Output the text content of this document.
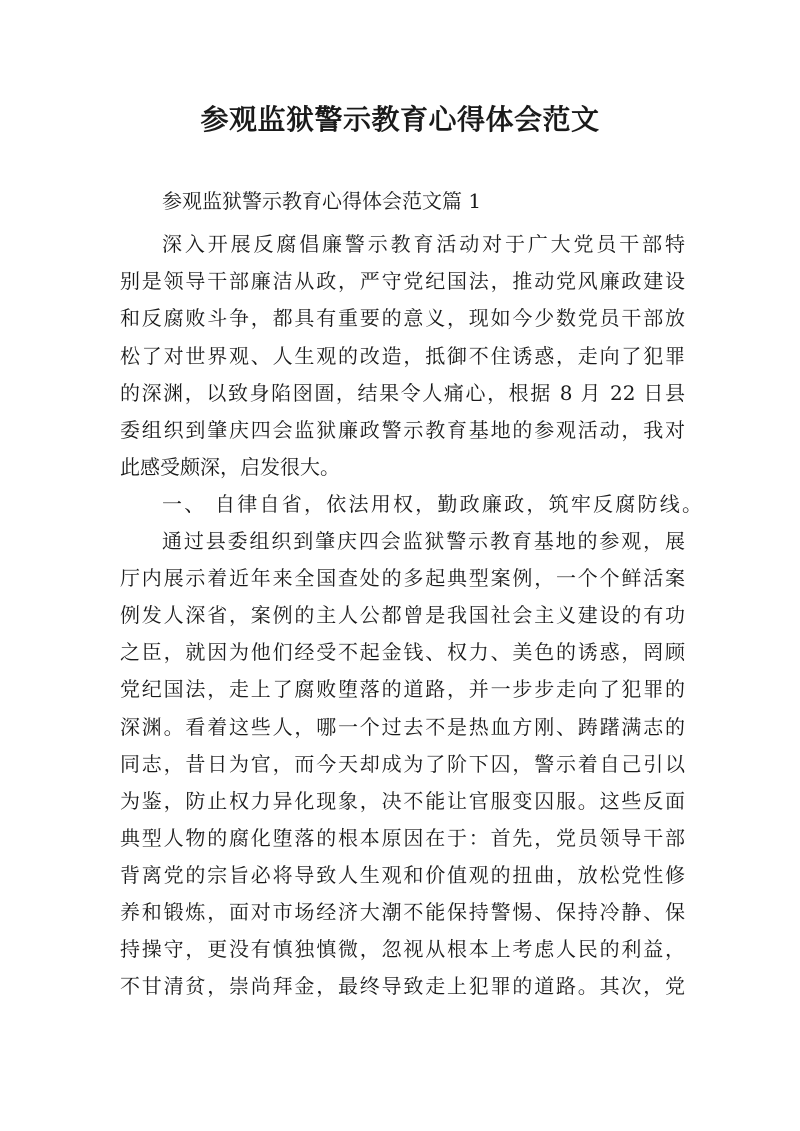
参观监狱警示教育心得体会范文
参观监狱警示教育心得体会范文篇 1
深入开展反腐倡廉警示教育活动对于广大党员干部特
别是领导干部廉洁从政，严守党纪国法，推动党风廉政建设
和反腐败斗争，都具有重要的意义，现如今少数党员干部放
松了对世界观、人生观的改造，抵御不住诱惑，走向了犯罪
的深渊，以致身陷囹圄，结果令人痛心，根据 8 月 22 日县
委组织到肇庆四会监狱廉政警示教育基地的参观活动，我对
此感受颇深，启发很大。
一、 自律自省，依法用权，勤政廉政，筑牢反腐防线。
通过县委组织到肇庆四会监狱警示教育基地的参观，展
厅内展示着近年来全国查处的多起典型案例，一个个鲜活案
例发人深省，案例的主人公都曾是我国社会主义建设的有功
之臣，就因为他们经受不起金钱、权力、美色的诱惑，罔顾
党纪国法，走上了腐败堕落的道路，并一步步走向了犯罪的
深渊。看着这些人，哪一个过去不是热血方刚、踌躇满志的
同志，昔日为官，而今天却成为了阶下囚，警示着自己引以
为鉴，防止权力异化现象，决不能让官服变囚服。这些反面
典型人物的腐化堕落的根本原因在于：首先，党员领导干部
背离党的宗旨必将导致人生观和价值观的扭曲，放松党性修
养和锻炼，面对市场经济大潮不能保持警惕、保持冷静、保
持操守，更没有慎独慎微，忽视从根本上考虑人民的利益，
不甘清贫，崇尚拜金，最终导致走上犯罪的道路。其次，党
